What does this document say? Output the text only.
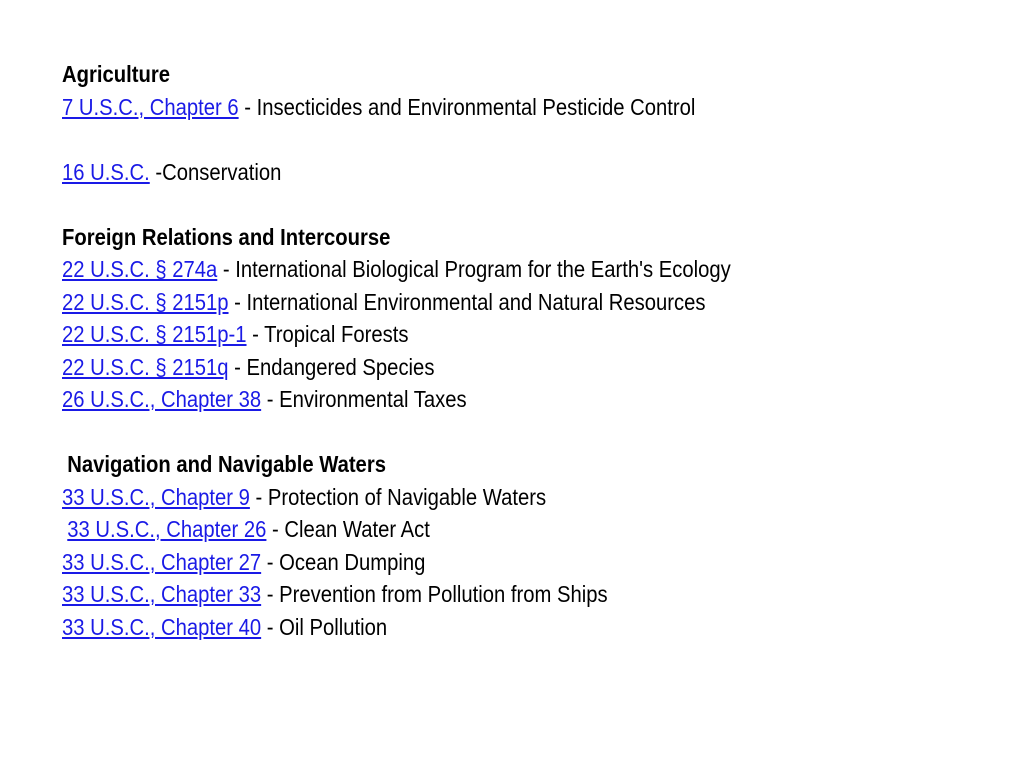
Agriculture
7 U.S.C., Chapter 6 - Insecticides and Environmental Pesticide Control
16 U.S.C. -Conservation
Foreign Relations and Intercourse
22 U.S.C. § 274a - International Biological Program for the Earth's Ecology
22 U.S.C. § 2151p - International Environmental and Natural Resources
22 U.S.C. § 2151p-1 - Tropical Forests
22 U.S.C. § 2151q - Endangered Species
26 U.S.C., Chapter 38 - Environmental Taxes
Navigation and Navigable Waters
33 U.S.C., Chapter 9 - Protection of Navigable Waters
33 U.S.C., Chapter 26 - Clean Water Act
33 U.S.C., Chapter 27 - Ocean Dumping
33 U.S.C., Chapter 33 - Prevention from Pollution from Ships
33 U.S.C., Chapter 40 - Oil Pollution
